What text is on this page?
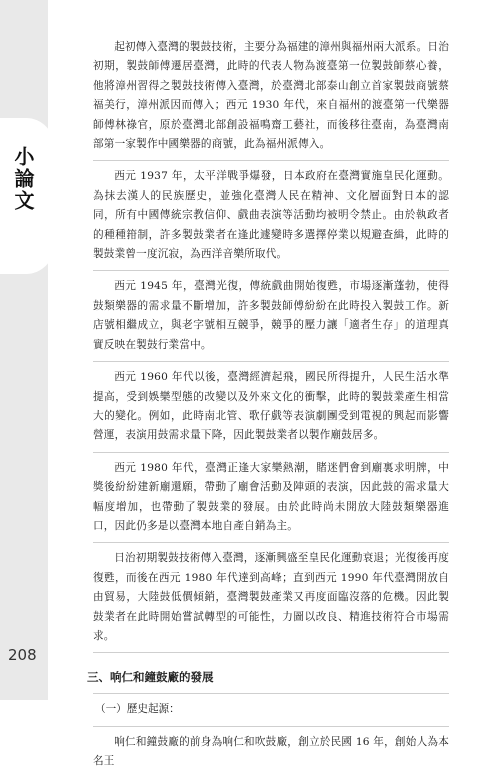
小論文
208

起初傳入臺灣的製鼓技術，主要分為福建的漳州與福州兩大派系。日治初期，製鼓師傅遷居臺灣，此時的代表人物為渡臺第一位製鼓師蔡心養，他將漳州習得之製鼓技術傳入臺灣，於臺灣北部泰山創立首家製鼓商號蔡福美行，漳州派因而傳入；西元 1930 年代，來自福州的渡臺第一代樂器師傅林祿官，原於臺灣北部創設福鳴齋工藝社，而後移往臺南，為臺灣南部第一家製作中國樂器的商號，此為福州派傳入。

西元 1937 年，太平洋戰爭爆發，日本政府在臺灣實施皇民化運動。為抹去漢人的民族歷史，並強化臺灣人民在精神、文化層面對日本的認同，所有中國傳統宗教信仰、戲曲表演等活動均被明令禁止。由於執政者的種種箝制，許多製鼓業者在逢此遽變時多選擇停業以規避查緝，此時的製鼓業曾一度沉寂，為西洋音樂所取代。

西元 1945 年，臺灣光復，傳統戲曲開始復甦，市場逐漸蓬勃，使得鼓類樂器的需求量不斷增加，許多製鼓師傅紛紛在此時投入製鼓工作。新店號相繼成立，與老字號相互競爭，競爭的壓力讓「適者生存」的道理真實反映在製鼓行業當中。

西元 1960 年代以後，臺灣經濟起飛，國民所得提升，人民生活水準提高，受到娛樂型態的改變以及外來文化的衝擊，此時的製鼓業產生相當大的變化。例如，此時南北管、歌仔戲等表演劇團受到電視的興起而影響營運，表演用鼓需求量下降，因此製鼓業者以製作廟鼓居多。

西元 1980 年代，臺灣正逢大家樂熱潮，賭迷們會到廟裏求明牌，中獎後紛紛建新廟還願，帶動了廟會活動及陣頭的表演，因此鼓的需求量大幅度增加，也帶動了製鼓業的發展。由於此時尚未開放大陸鼓類樂器進口，因此仍多是以臺灣本地自產自銷為主。

日治初期製鼓技術傳入臺灣，逐漸興盛至皇民化運動衰退；光復後再度復甦，而後在西元 1980 年代達到高峰；直到西元 1990 年代臺灣開放自由貿易，大陸鼓低價傾銷，臺灣製鼓產業又再度面臨沒落的危機。因此製鼓業者在此時開始嘗試轉型的可能性，力圖以改良、精進技術符合市場需求。

三、响仁和鐘鼓廠的發展
（一）歷史起源：

响仁和鐘鼓廠的前身為响仁和吹鼓廠，創立於民國 16 年，創始人為本名王
